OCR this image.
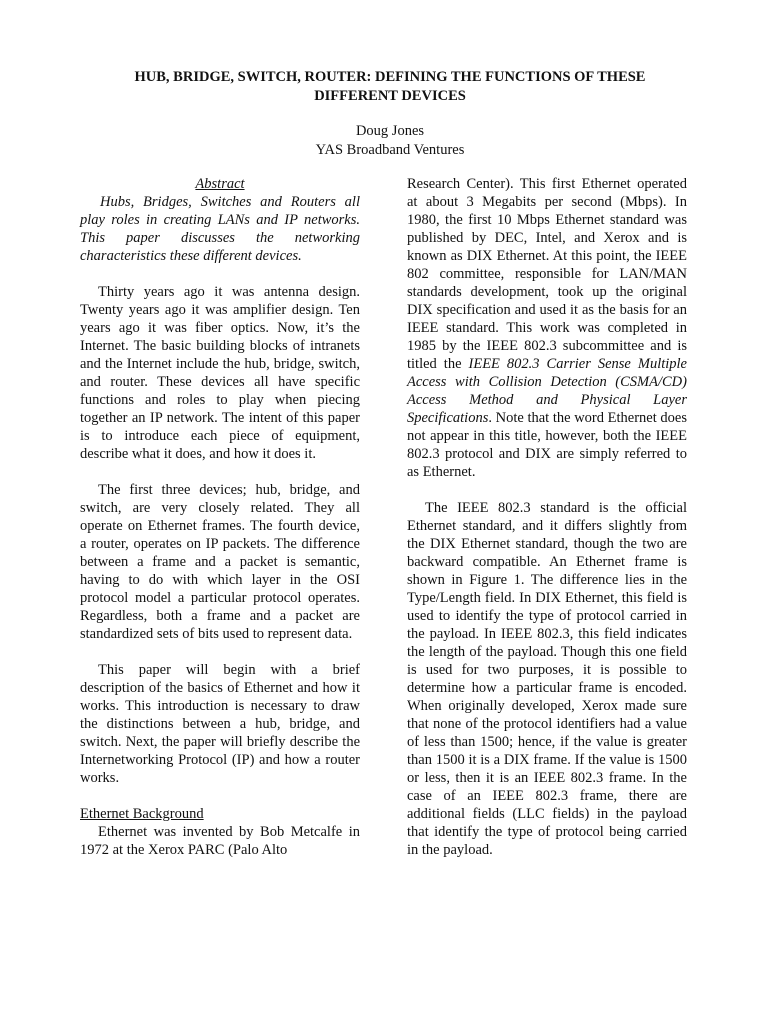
HUB, BRIDGE, SWITCH, ROUTER: DEFINING THE FUNCTIONS OF THESE DIFFERENT DEVICES
Doug Jones
YAS Broadband Ventures

Abstract

Hubs, Bridges, Switches and Routers all play roles in creating LANs and IP networks. This paper discusses the networking characteristics these different devices.

Thirty years ago it was antenna design. Twenty years ago it was amplifier design. Ten years ago it was fiber optics. Now, it’s the Internet. The basic building blocks of intranets and the Internet include the hub, bridge, switch, and router. These devices all have specific functions and roles to play when piecing together an IP network. The intent of this paper is to introduce each piece of equipment, describe what it does, and how it does it.

The first three devices; hub, bridge, and switch, are very closely related. They all operate on Ethernet frames. The fourth device, a router, operates on IP packets. The difference between a frame and a packet is semantic, having to do with which layer in the OSI protocol model a particular protocol operates. Regardless, both a frame and a packet are standardized sets of bits used to represent data.

This paper will begin with a brief description of the basics of Ethernet and how it works. This introduction is necessary to draw the distinctions between a hub, bridge, and switch. Next, the paper will briefly describe the Internetworking Protocol (IP) and how a router works.

Ethernet Background

Ethernet was invented by Bob Metcalfe in 1972 at the Xerox PARC (Palo Alto

Research Center). This first Ethernet operated at about 3 Megabits per second (Mbps). In 1980, the first 10 Mbps Ethernet standard was published by DEC, Intel, and Xerox and is known as DIX Ethernet. At this point, the IEEE 802 committee, responsible for LAN/MAN standards development, took up the original DIX specification and used it as the basis for an IEEE standard. This work was completed in 1985 by the IEEE 802.3 subcommittee and is titled the IEEE 802.3 Carrier Sense Multiple Access with Collision Detection (CSMA/CD) Access Method and Physical Layer Specifications. Note that the word Ethernet does not appear in this title, however, both the IEEE 802.3 protocol and DIX are simply referred to as Ethernet.

The IEEE 802.3 standard is the official Ethernet standard, and it differs slightly from the DIX Ethernet standard, though the two are backward compatible. An Ethernet frame is shown in Figure 1. The difference lies in the Type/Length field. In DIX Ethernet, this field is used to identify the type of protocol carried in the payload. In IEEE 802.3, this field indicates the length of the payload. Though this one field is used for two purposes, it is possible to determine how a particular frame is encoded. When originally developed, Xerox made sure that none of the protocol identifiers had a value of less than 1500; hence, if the value is greater than 1500 it is a DIX frame. If the value is 1500 or less, then it is an IEEE 802.3 frame. In the case of an IEEE 802.3 frame, there are additional fields (LLC fields) in the payload that identify the type of protocol being carried in the payload.
